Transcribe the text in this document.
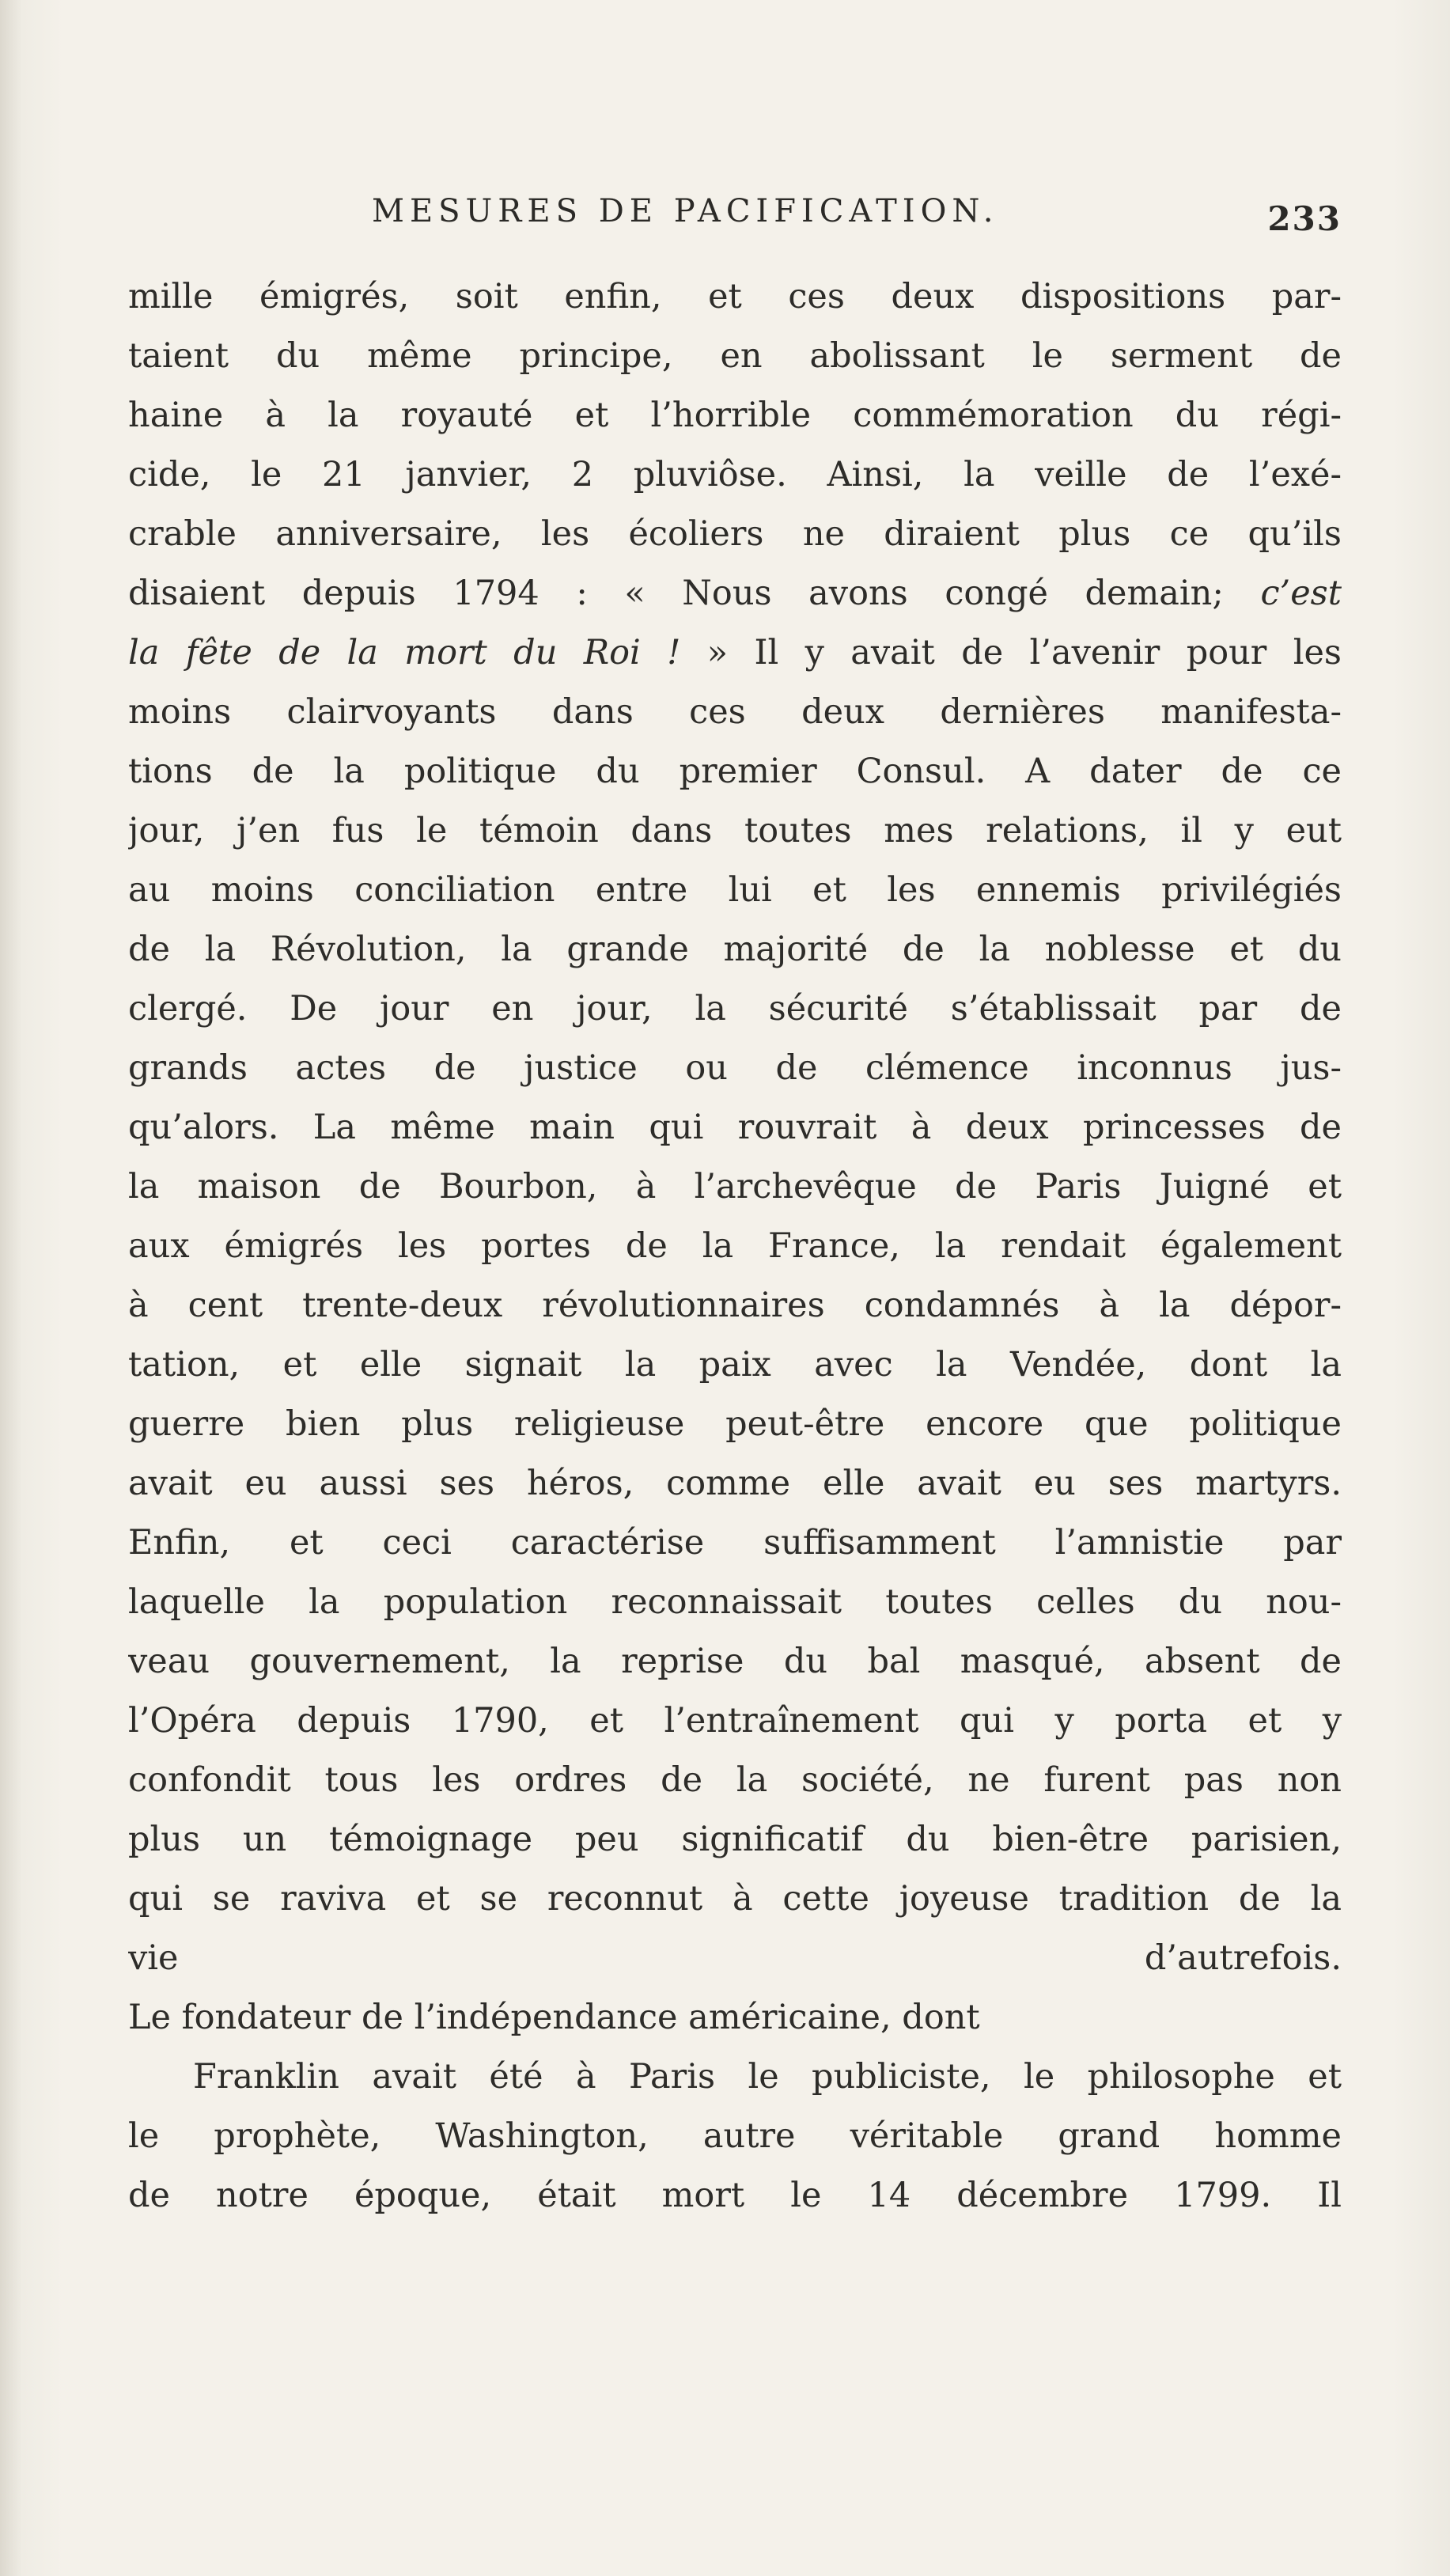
MESURES DE PACIFICATION.	233
mille émigrés, soit enfin, et ces deux dispositions par-
taient du même principe, en abolissant le serment de
haine à la royauté et l’horrible commémoration du régi-
cide, le 21 janvier, 2 pluviôse. Ainsi, la veille de l’exé-
crable anniversaire, les écoliers ne diraient plus ce qu’ils
disaient depuis 1794 : « Nous avons congé demain; c’est
la fête de la mort du Roi ! » Il y avait de l’avenir pour les
moins clairvoyants dans ces deux dernières manifesta-
tions de la politique du premier Consul. A dater de ce
jour, j’en fus le témoin dans toutes mes relations, il y eut
au moins conciliation entre lui et les ennemis privilégiés
de la Révolution, la grande majorité de la noblesse et du
clergé. De jour en jour, la sécurité s’établissait par de
grands actes de justice ou de clémence inconnus jus-
qu’alors. La même main qui rouvrait à deux princesses de
la maison de Bourbon, à l’archevêque de Paris Juigné et
aux émigrés les portes de la France, la rendait également
à cent trente-deux révolutionnaires condamnés à la dépor-
tation, et elle signait la paix avec la Vendée, dont la
guerre bien plus religieuse peut-être encore que politique
avait eu aussi ses héros, comme elle avait eu ses martyrs.
Enfin, et ceci caractérise suffisamment l’amnistie par
laquelle la population reconnaissait toutes celles du nou-
veau gouvernement, la reprise du bal masqué, absent de
l’Opéra depuis 1790, et l’entraînement qui y porta et y
confondit tous les ordres de la société, ne furent pas non
plus un témoignage peu significatif du bien-être parisien,
qui se raviva et se reconnut à cette joyeuse tradition de la
vie d’autrefois.
Le fondateur de l’indépendance américaine, dont
Franklin avait été à Paris le publiciste, le philosophe et
le prophète, Washington, autre véritable grand homme
de notre époque, était mort le 14 décembre 1799. Il
